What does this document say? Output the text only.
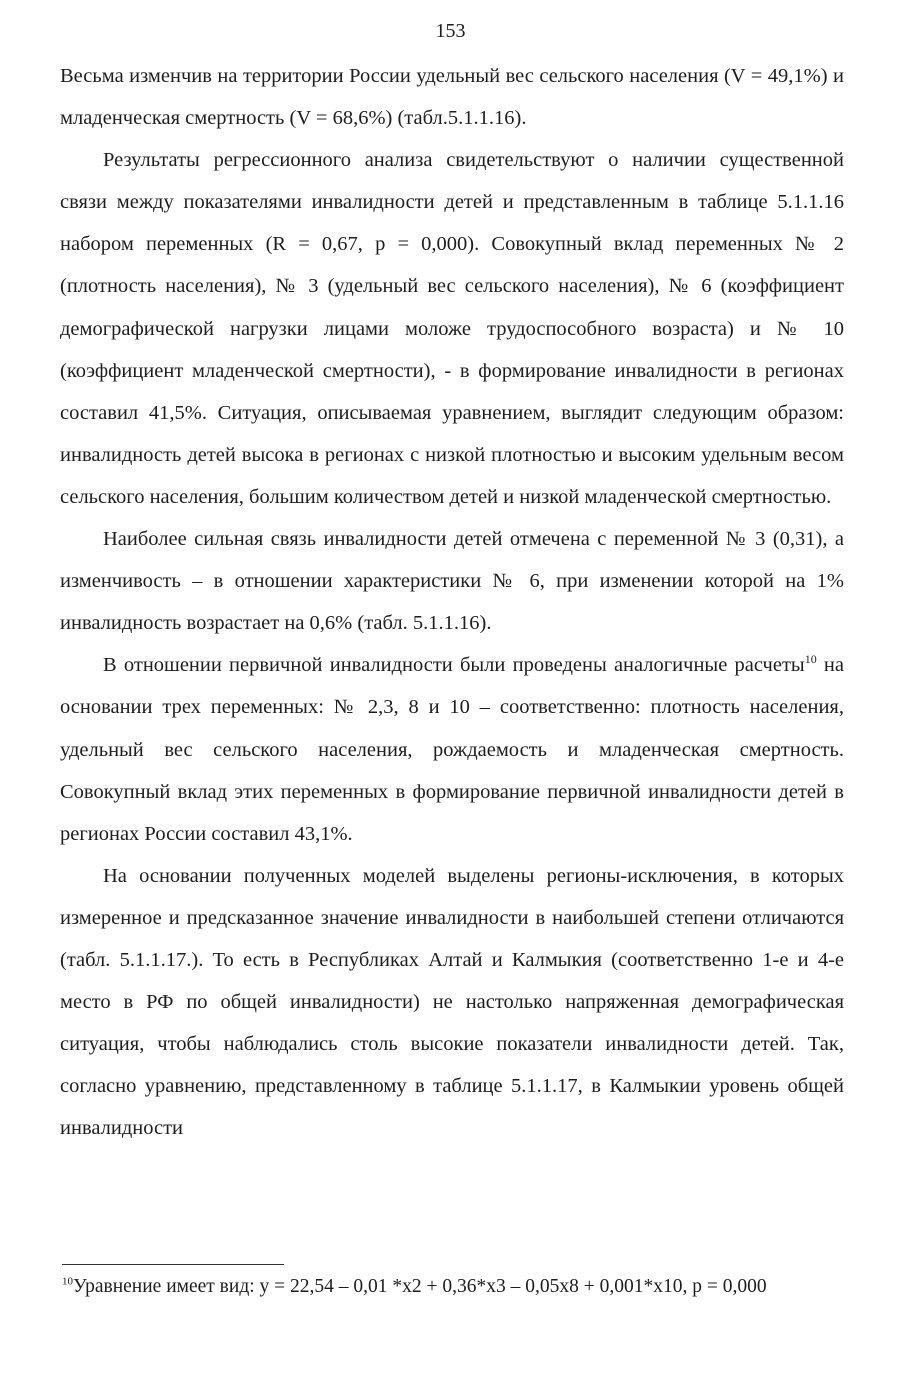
153

Весьма изменчив на территории России удельный вес сельского населения (V = 49,1%) и младенческая смертность (V = 68,6%) (табл.5.1.1.16).

Результаты регрессионного анализа свидетельствуют о наличии существенной связи между показателями инвалидности детей и представленным в таблице 5.1.1.16 набором переменных (R = 0,67, p = 0,000). Совокупный вклад переменных № 2 (плотность населения), № 3 (удельный вес сельского населения), № 6 (коэффициент демографической нагрузки лицами моложе трудоспособного возраста) и № 10 (коэффициент младенческой смертности), - в формирование инвалидности в регионах составил 41,5%. Ситуация, описываемая уравнением, выглядит следующим образом: инвалидность детей высока в регионах с низкой плотностью и высоким удельным весом сельского населения, большим количеством детей и низкой младенческой смертностью.

Наиболее сильная связь инвалидности детей отмечена с переменной № 3 (0,31), а изменчивость – в отношении характеристики № 6, при изменении которой на 1% инвалидность возрастает на 0,6% (табл. 5.1.1.16).

В отношении первичной инвалидности были проведены аналогичные расчеты$^{10}$ на основании трех переменных: № 2,3, 8 и 10 – соответственно: плотность населения, удельный вес сельского населения, рождаемость и младенческая смертность. Совокупный вклад этих переменных в формирование первичной инвалидности детей в регионах России составил 43,1%.

На основании полученных моделей выделены регионы-исключения, в которых измеренное и предсказанное значение инвалидности в наибольшей степени отличаются (табл. 5.1.1.17.). То есть в Республиках Алтай и Калмыкия (соответственно 1-е и 4-е место в РФ по общей инвалидности) не настолько напряженная демографическая ситуация, чтобы наблюдались столь высокие показатели инвалидности детей. Так, согласно уравнению, представленному в таблице 5.1.1.17, в Калмыкии уровень общей инвалидности

$^{10}$Уравнение имеет вид: y = 22,54 – 0,01 *x2 + 0,36*x3 – 0,05x8 + 0,001*x10, p = 0,000
